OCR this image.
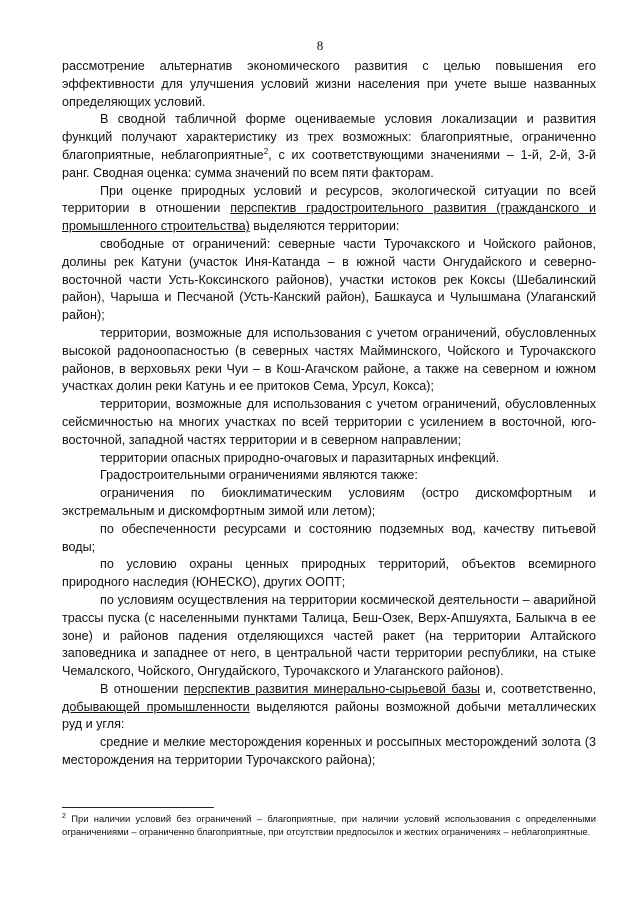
8

рассмотрение альтернатив экономического развития с целью повышения его эффективности для улучшения условий жизни населения при учете выше названных определяющих условий.

В сводной табличной форме оцениваемые условия локализации и развития функций получают характеристику из трех возможных: благоприятные, ограниченно благоприятные, неблагоприятные$^2$, с их соответствующими значениями – 1-й, 2-й, 3-й ранг. Сводная оценка: сумма значений по всем пяти факторам.

При оценке природных условий и ресурсов, экологической ситуации по всей территории в отношении перспектив градостроительного развития (гражданского и промышленного строительства) выделяются территории:

свободные от ограничений: северные части Турочакского и Чойского районов, долины рек Катуни (участок Иня-Катанда – в южной части Онгудайского и северно-восточной части Усть-Коксинского районов), участки истоков рек Коксы (Шебалинский район), Чарыша и Песчаной (Усть-Канский район), Башкауса и Чулышмана (Улаганский район);

территории, возможные для использования с учетом ограничений, обусловленных высокой радоноопасностью (в северных частях Майминского, Чойского и Турочакского районов, в верховьях реки Чуи – в Кош-Агачском районе, а также на северном и южном участках долин реки Катунь и ее притоков Сема, Урсул, Кокса);

территории, возможные для использования с учетом ограничений, обусловленных сейсмичностью на многих участках по всей территории с усилением в восточной, юго-восточной, западной частях территории и в северном направлении;

территории опасных природно-очаговых и паразитарных инфекций.

Градостроительными ограничениями являются также:

ограничения по биоклиматическим условиям (остро дискомфортным и экстремальным и дискомфортным зимой или летом);

по обеспеченности ресурсами и состоянию подземных вод, качеству питьевой воды;

по условию охраны ценных природных территорий, объектов всемирного природного наследия (ЮНЕСКО), других ООПТ;

по условиям осуществления на территории космической деятельности – аварийной трассы пуска (с населенными пунктами Талица, Беш-Озек, Верх-Апшуяхта, Балыкча в ее зоне) и районов падения отделяющихся частей ракет (на территории Алтайского заповедника и западнее от него, в центральной части территории республики, на стыке Чемалского, Чойского, Онгудайского, Турочакского и Улаганского районов).

В отношении перспектив развития минерально-сырьевой базы и, соответственно, добывающей промышленности выделяются районы возможной добычи металлических руд и угля:

средние и мелкие месторождения коренных и россыпных месторождений золота (3 месторождения на территории Турочакского района);

$^2$ При наличии условий без ограничений – благоприятные, при наличии условий использования с определенными ограничениями – ограниченно благоприятные, при отсутствии предпосылок и жестких ограничениях – неблагоприятные.
